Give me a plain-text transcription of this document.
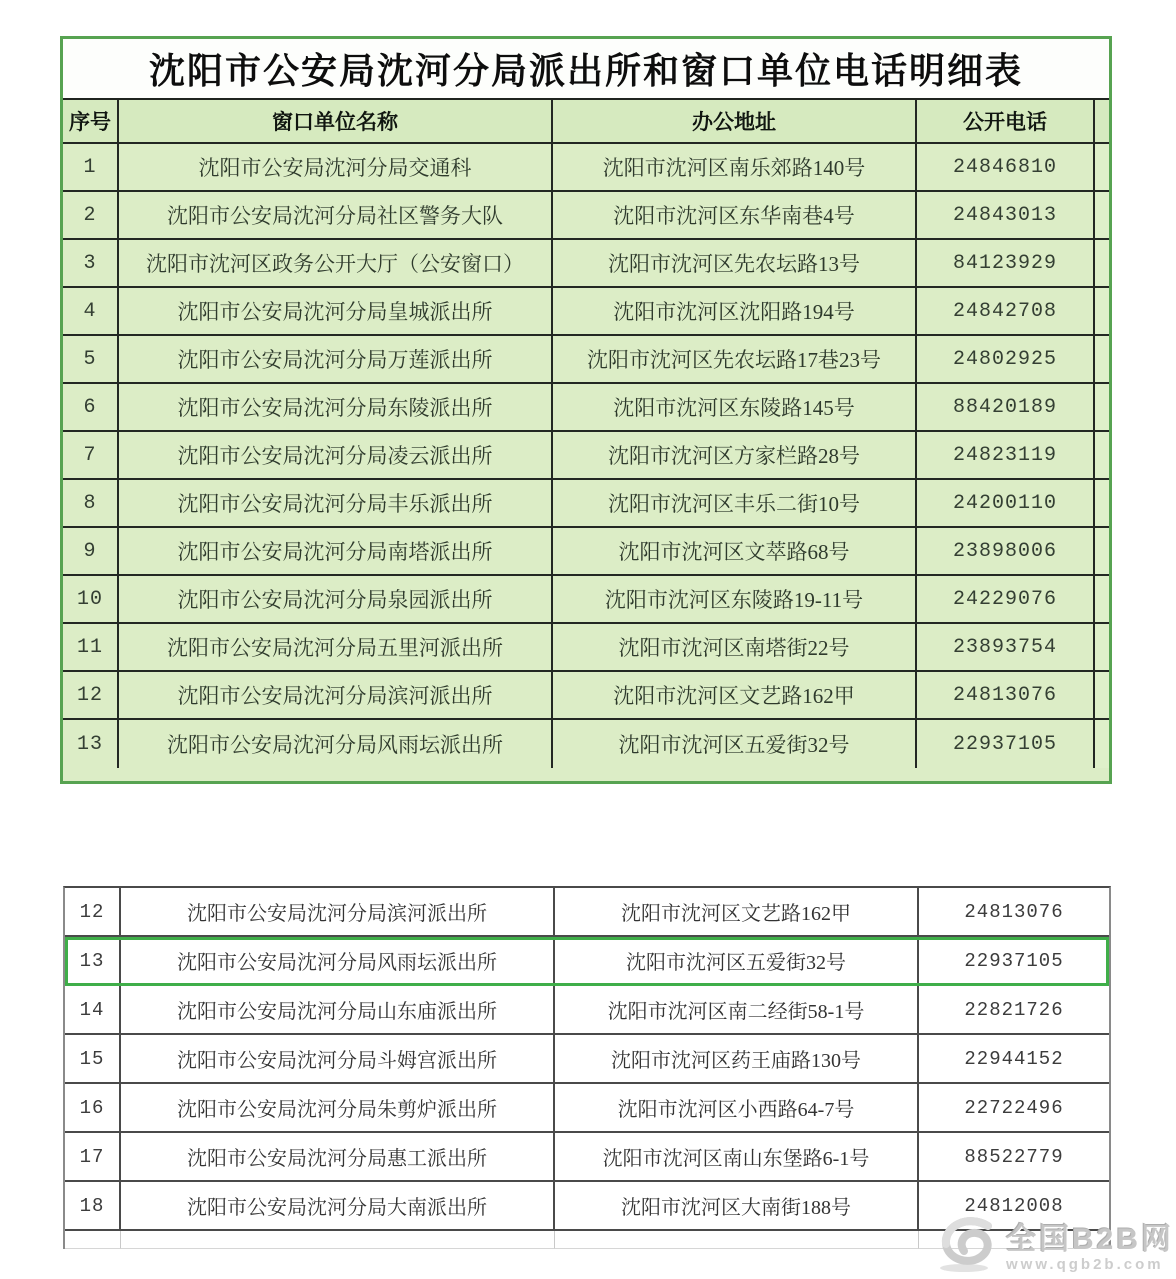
沈阳市公安局沈河分局派出所和窗口单位电话明细表
序号	窗口单位名称	办公地址	公开电话
1	沈阳市公安局沈河分局交通科	沈阳市沈河区南乐郊路140号	24846810
2	沈阳市公安局沈河分局社区警务大队	沈阳市沈河区东华南巷4号	24843013
3	沈阳市沈河区政务公开大厅（公安窗口）	沈阳市沈河区先农坛路13号	84123929
4	沈阳市公安局沈河分局皇城派出所	沈阳市沈河区沈阳路194号	24842708
5	沈阳市公安局沈河分局万莲派出所	沈阳市沈河区先农坛路17巷23号	24802925
6	沈阳市公安局沈河分局东陵派出所	沈阳市沈河区东陵路145号	88420189
7	沈阳市公安局沈河分局凌云派出所	沈阳市沈河区方家栏路28号	24823119
8	沈阳市公安局沈河分局丰乐派出所	沈阳市沈河区丰乐二街10号	24200110
9	沈阳市公安局沈河分局南塔派出所	沈阳市沈河区文萃路68号	23898006
10	沈阳市公安局沈河分局泉园派出所	沈阳市沈河区东陵路19-11号	24229076
11	沈阳市公安局沈河分局五里河派出所	沈阳市沈河区南塔街22号	23893754
12	沈阳市公安局沈河分局滨河派出所	沈阳市沈河区文艺路162甲	24813076
13	沈阳市公安局沈河分局风雨坛派出所	沈阳市沈河区五爱街32号	22937105
12	沈阳市公安局沈河分局滨河派出所	沈阳市沈河区文艺路162甲	24813076
13	沈阳市公安局沈河分局风雨坛派出所	沈阳市沈河区五爱街32号	22937105
14	沈阳市公安局沈河分局山东庙派出所	沈阳市沈河区南二经街58-1号	22821726
15	沈阳市公安局沈河分局斗姆宫派出所	沈阳市沈河区药王庙路130号	22944152
16	沈阳市公安局沈河分局朱剪炉派出所	沈阳市沈河区小西路64-7号	22722496
17	沈阳市公安局沈河分局惠工派出所	沈阳市沈河区南山东堡路6-1号	88522779
18	沈阳市公安局沈河分局大南派出所	沈阳市沈河区大南街188号	24812008
全国B2B网
www.qgb2b.com
